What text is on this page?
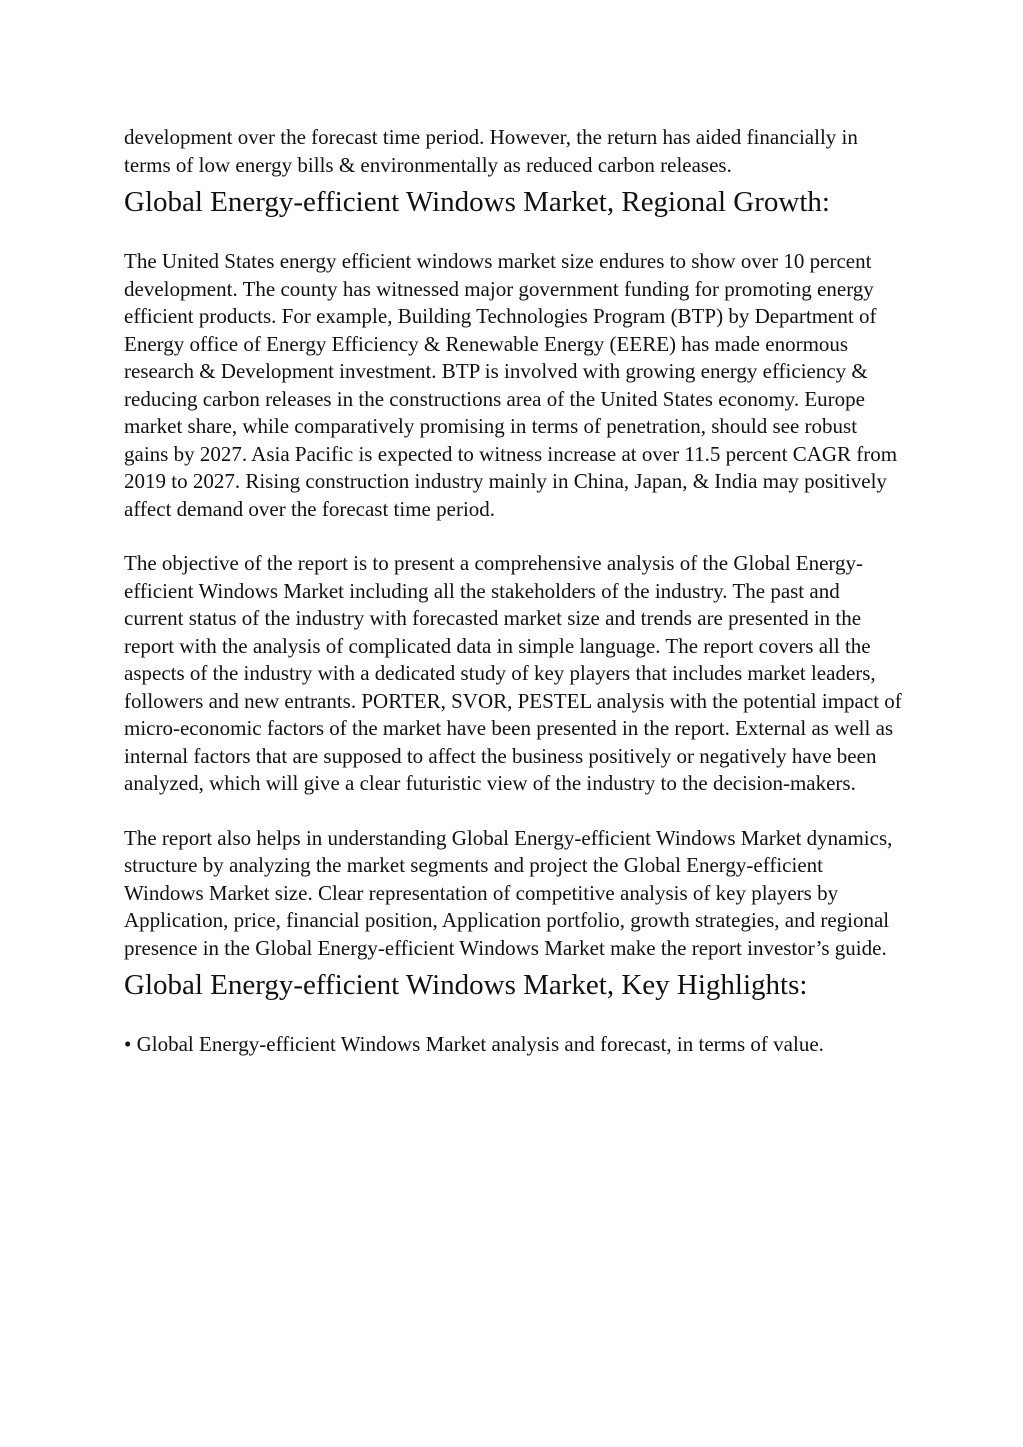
development over the forecast time period. However, the return has aided financially in terms of low energy bills & environmentally as reduced carbon releases.

Global Energy-efficient Windows Market, Regional Growth:

The United States energy efficient windows market size endures to show over 10 percent development. The county has witnessed major government funding for promoting energy efficient products. For example, Building Technologies Program (BTP) by Department of Energy office of Energy Efficiency & Renewable Energy (EERE) has made enormous research & Development investment. BTP is involved with growing energy efficiency & reducing carbon releases in the constructions area of the United States economy. Europe market share, while comparatively promising in terms of penetration, should see robust gains by 2027. Asia Pacific is expected to witness increase at over 11.5 percent CAGR from 2019 to 2027. Rising construction industry mainly in China, Japan, & India may positively affect demand over the forecast time period.

The objective of the report is to present a comprehensive analysis of the Global Energy-efficient Windows Market including all the stakeholders of the industry. The past and current status of the industry with forecasted market size and trends are presented in the report with the analysis of complicated data in simple language. The report covers all the aspects of the industry with a dedicated study of key players that includes market leaders, followers and new entrants. PORTER, SVOR, PESTEL analysis with the potential impact of micro-economic factors of the market have been presented in the report. External as well as internal factors that are supposed to affect the business positively or negatively have been analyzed, which will give a clear futuristic view of the industry to the decision-makers.

The report also helps in understanding Global Energy-efficient Windows Market dynamics, structure by analyzing the market segments and project the Global Energy-efficient Windows Market size. Clear representation of competitive analysis of key players by Application, price, financial position, Application portfolio, growth strategies, and regional presence in the Global Energy-efficient Windows Market make the report investor’s guide.

Global Energy-efficient Windows Market, Key Highlights:

• Global Energy-efficient Windows Market analysis and forecast, in terms of value.
